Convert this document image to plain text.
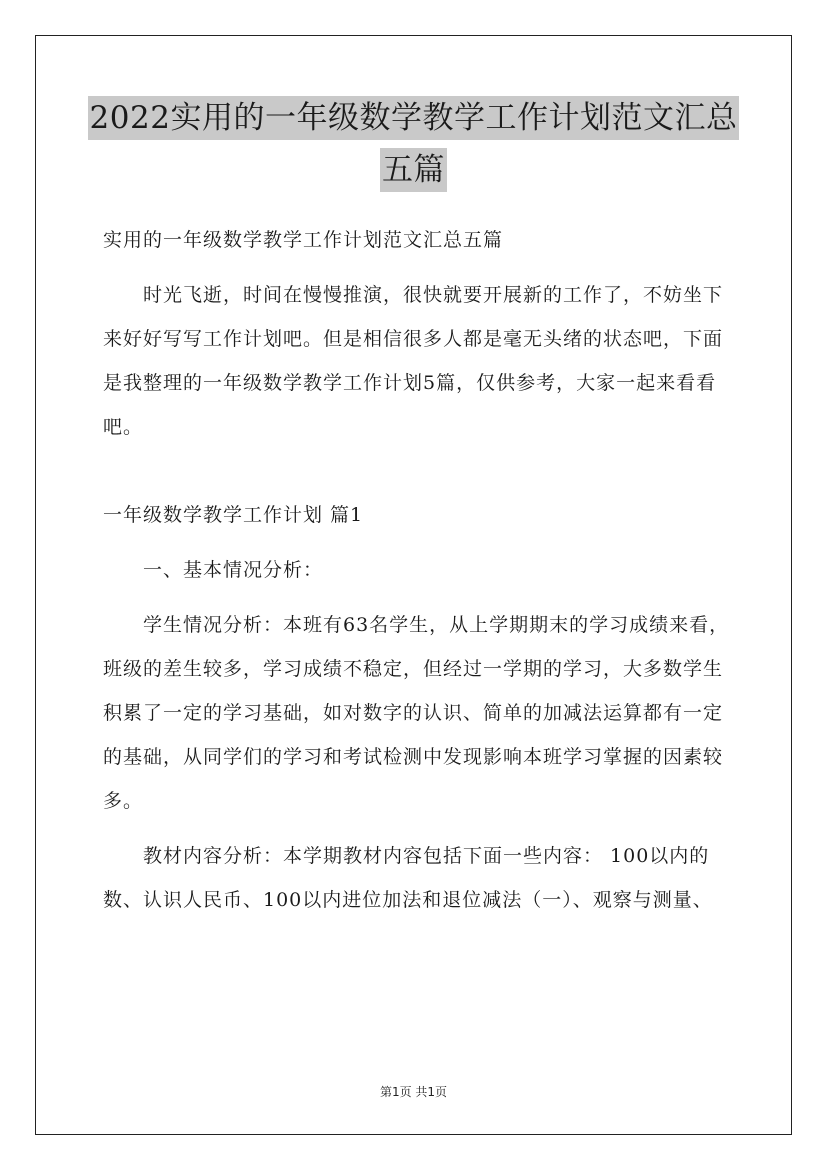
2022实用的一年级数学教学工作计划范文汇总
五篇

实用的一年级数学教学工作计划范文汇总五篇

时光飞逝，时间在慢慢推演，很快就要开展新的工作了，不妨坐下来好好写写工作计划吧。但是相信很多人都是毫无头绪的状态吧，下面是我整理的一年级数学教学工作计划5篇，仅供参考，大家一起来看看吧。

一年级数学教学工作计划 篇1

一、基本情况分析：

学生情况分析：本班有63名学生，从上学期期末的学习成绩来看，班级的差生较多，学习成绩不稳定，但经过一学期的学习，大多数学生积累了一定的学习基础，如对数字的认识、简单的加减法运算都有一定的基础，从同学们的学习和考试检测中发现影响本班学习掌握的因素较多。

教材内容分析：本学期教材内容包括下面一些内容： 100以内的数、认识人民币、100以内进位加法和退位减法（一）、观察与测量、

第1页 共1页
